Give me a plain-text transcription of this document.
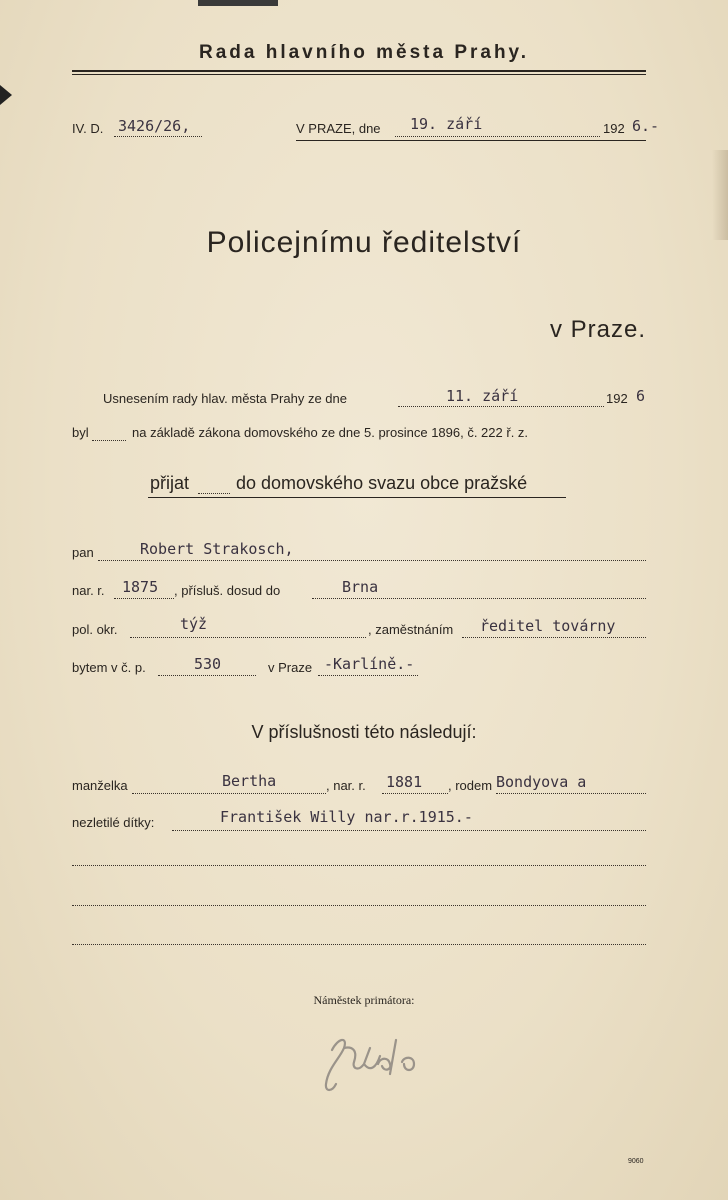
Rada hlavního města Prahy.
IV. D. 3426/26,	V PRAZE, dne 19. září	192 6.-
Policejnímu ředitelství
v Praze.
Usnesením rady hlav. města Prahy ze dne	11. září	192 6
byl	na základě zákona domovského ze dne 5. prosince 1896, č. 222 ř. z.
přijat	do domovského svazu obce pražské
pan	Robert Strakosch,
nar. r. 1875 , přísluš. dosud do	Brna
pol. okr.	týž	, zaměstnáním ředitel továrny
bytem v č. p.	530	v Praze -Karlíně.-
V příslušnosti této následují:
manželka	Bertha	, nar. r. 1881 , rodem Bondyova a
nezletilé dítky:	František Willy nar.r.1915.-
Náměstek primátora:
9060
